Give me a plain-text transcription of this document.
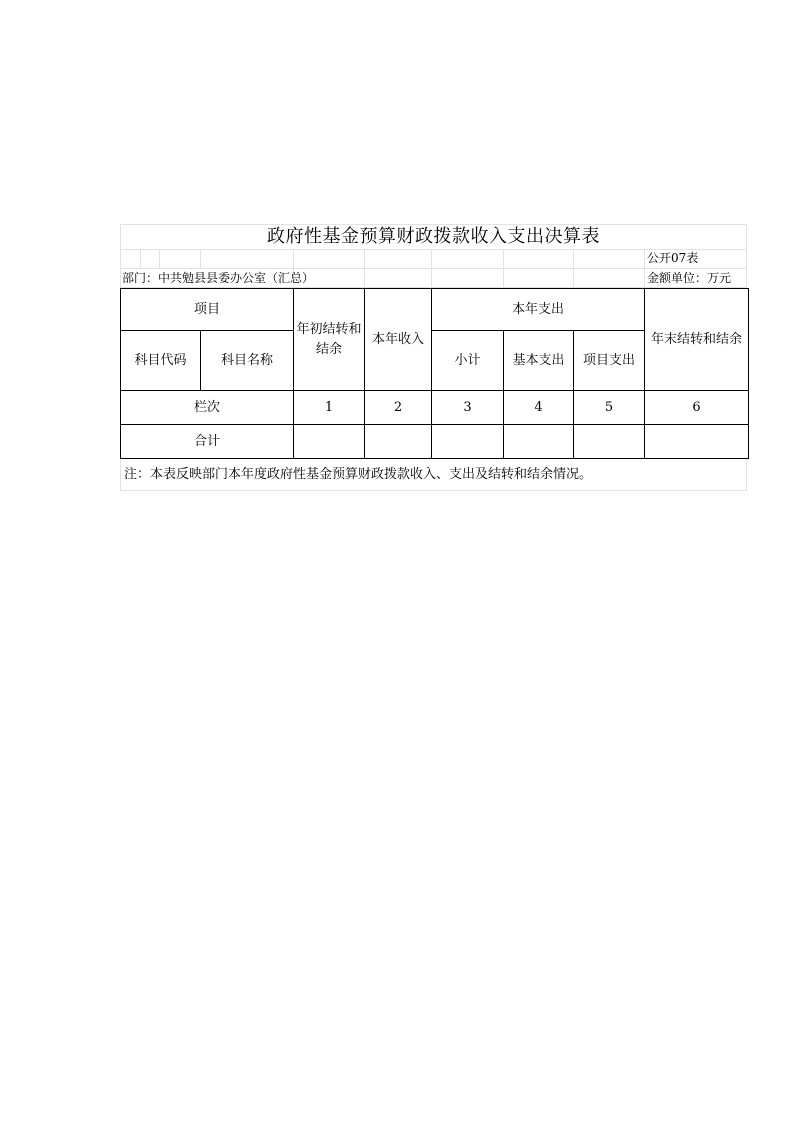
政府性基金预算财政拨款收入支出决算表
公开07表
部门：中共勉县县委办公室（汇总）	金额单位：万元
项目		年初结转和结余	本年收入	本年支出			年末结转和结余
科目代码	科目名称			小计	基本支出	项目支出	
栏次		1	2	3	4	5	6
合计							
注：本表反映部门本年度政府性基金预算财政拨款收入、支出及结转和结余情况。
